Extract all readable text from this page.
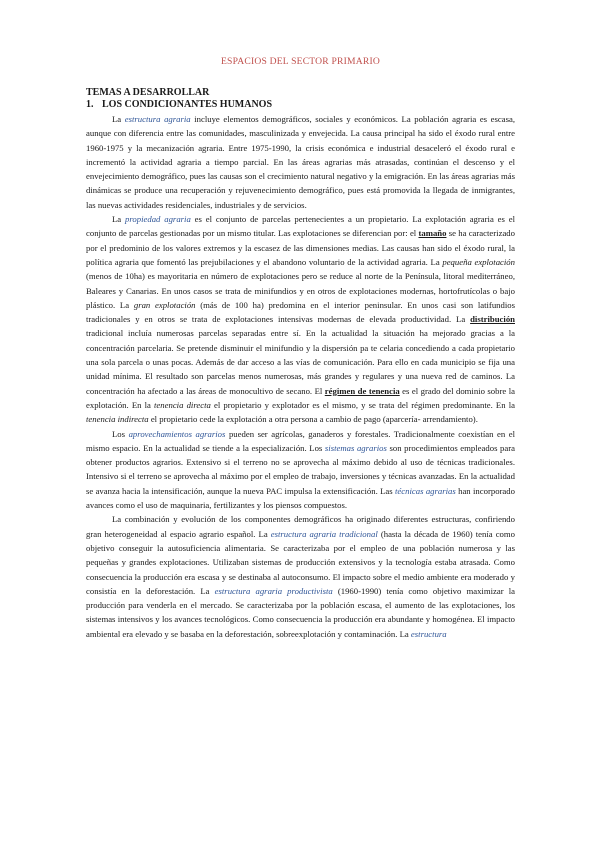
ESPACIOS DEL SECTOR PRIMARIO
TEMAS A DESARROLLAR
1. LOS CONDICIONANTES HUMANOS

La estructura agraria incluye elementos demográficos, sociales y económicos. La población agraria es escasa, aunque con diferencia entre las comunidades, masculinizada y envejecida. La causa principal ha sido el éxodo rural entre 1960-1975 y la mecanización agraria. Entre 1975-1990, la crisis económica e industrial desaceleró el éxodo rural e incrementó la actividad agraria a tiempo parcial. En las áreas agrarias más atrasadas, continúan el descenso y el envejecimiento demográfico, pues las causas son el crecimiento natural negativo y la emigración. En las áreas agrarias más dinámicas se produce una recuperación y rejuvenecimiento demográfico, pues está promovida la llegada de inmigrantes, las nuevas actividades residenciales, industriales y de servicios.

La propiedad agraria es el conjunto de parcelas pertenecientes a un propietario. La explotación agraria es el conjunto de parcelas gestionadas por un mismo titular. Las explotaciones se diferencian por: el tamaño se ha caracterizado por el predominio de los valores extremos y la escasez de las dimensiones medias. Las causas han sido el éxodo rural, la política agraria que fomentó las prejubilaciones y el abandono voluntario de la actividad agraria. La pequeña explotación (menos de 10ha) es mayoritaria en número de explotaciones pero se reduce al norte de la Península, litoral mediterráneo, Baleares y Canarias. En unos casos se trata de minifundios y en otros de explotaciones modernas, hortofrutícolas o bajo plástico. La gran explotación (más de 100 ha) predomina en el interior peninsular. En unos casi son latifundios tradicionales y en otros se trata de explotaciones intensivas modernas de elevada productividad. La distribución tradicional incluía numerosas parcelas separadas entre sí. En la actualidad la situación ha mejorado gracias a la concentración parcelaria. Se pretende disminuir el minifundio y la dispersión pa te celaria concediendo a cada propietario una sola parcela o unas pocas. Además de dar acceso a las vías de comunicación. Para ello en cada municipio se fija una unidad mínima. El resultado son parcelas menos numerosas, más grandes y regulares y una nueva red de caminos. La concentración ha afectado a las áreas de monocultivo de secano. El régimen de tenencia es el grado del dominio sobre la explotación. En la tenencia directa el propietario y explotador es el mismo, y se trata del régimen predominante. En la tenencia indirecta el propietario cede la explotación a otra persona a cambio de pago (aparcería- arrendamiento).

Los aprovechamientos agrarios pueden ser agrícolas, ganaderos y forestales. Tradicionalmente coexistían en el mismo espacio. En la actualidad se tiende a la especialización. Los sistemas agrarios son procedimientos empleados para obtener productos agrarios. Extensivo si el terreno no se aprovecha al máximo debido al uso de técnicas tradicionales. Intensivo si el terreno se aprovecha al máximo por el empleo de trabajo, inversiones y técnicas avanzadas. En la actualidad se avanza hacia la intensificación, aunque la nueva PAC impulsa la extensificación. Las técnicas agrarias han incorporado avances como el uso de maquinaria, fertilizantes y los piensos compuestos.

La combinación y evolución de los componentes demográficos ha originado diferentes estructuras, confiriendo gran heterogeneidad al espacio agrario español. La estructura agraria tradicional (hasta la década de 1960) tenía como objetivo conseguir la autosuficiencia alimentaria. Se caracterizaba por el empleo de una población numerosa y las pequeñas y grandes explotaciones. Utilizaban sistemas de producción extensivos y la tecnología estaba atrasada. Como consecuencia la producción era escasa y se destinaba al autoconsumo. El impacto sobre el medio ambiente era moderado y consistía en la deforestación. La estructura agraria productivista (1960-1990) tenía como objetivo maximizar la producción para venderla en el mercado. Se caracterizaba por la población escasa, el aumento de las explotaciones, los sistemas intensivos y los avances tecnológicos. Como consecuencia la producción era abundante y homogénea. El impacto ambiental era elevado y se basaba en la deforestación, sobreexplotación y contaminación. La estructura
